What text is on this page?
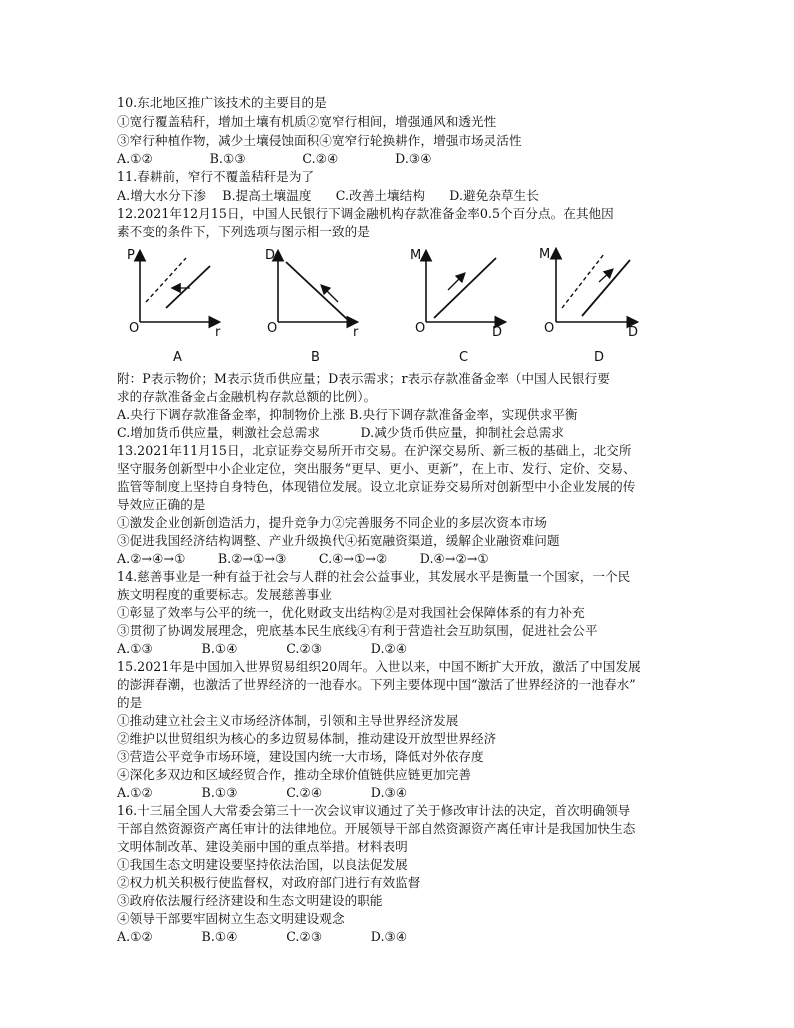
10.东北地区推广该技术的主要目的是
①宽行覆盖秸秆，增加土壤有机质②宽窄行相间，增强通风和透光性
③窄行种植作物，减少土壤侵蚀面积④宽窄行轮换耕作，增强市场灵活性
A.①②              B.①③              C.②④              D.③④
11.春耕前，窄行不覆盖秸秆是为了
A.增大水分下渗    B.提高土壤温度      C.改善土壤结构      D.避免杂草生长
12.2021年12月15日，中国人民银行下调金融机构存款准备金率0.5个百分点。在其他因
素不变的条件下，下列选项与图示相一致的是
P
O	r
A
D
O	r
B
M
O	D
C
M
O	D
D
附：P表示物价；M表示货币供应量；D表示需求；r表示存款准备金率（中国人民银行要
求的存款准备金占金融机构存款总额的比例）。
A.央行下调存款准备金率，抑制物价上涨 B.央行下调存款准备金率，实现供求平衡
C.增加货币供应量，刺激社会总需求          D.减少货币供应量，抑制社会总需求
13.2021年11月15日，北京证券交易所开市交易。在沪深交易所、新三板的基础上，北交所
坚守服务创新型中小企业定位，突出服务“更早、更小、更新”，在上市、发行、定价、交易、
监管等制度上坚持自身特色，体现错位发展。设立北京证券交易所对创新型中小企业发展的传
导效应正确的是
①激发企业创新创造活力，提升竞争力②完善服务不同企业的多层次资本市场
③促进我国经济结构调整、产业升级换代④拓宽融资渠道，缓解企业融资难问题
A.②→④→①        B.②→①→③        C.④→①→②        D.④→②→①
14.慈善事业是一种有益于社会与人群的社会公益事业，其发展水平是衡量一个国家，一个民
族文明程度的重要标志。发展慈善事业
①彰显了效率与公平的统一，优化财政支出结构②是对我国社会保障体系的有力补充
③贯彻了协调发展理念，兜底基本民生底线④有利于营造社会互助氛围，促进社会公平
A.①③            B.①④            C.②③            D.②④
15.2021年是中国加入世界贸易组织20周年。入世以来，中国不断扩大开放，激活了中国发展
的澎湃春潮，也激活了世界经济的一池春水。下列主要体现中国“激活了世界经济的一池春水”
的是
①推动建立社会主义市场经济体制，引领和主导世界经济发展
②维护以世贸组织为核心的多边贸易体制，推动建设开放型世界经济
③营造公平竞争市场环境，建设国内统一大市场，降低对外依存度
④深化多双边和区域经贸合作，推动全球价值链供应链更加完善
A.①②            B.①③            C.②④            D.③④
16.十三届全国人大常委会第三十一次会议审议通过了关于修改审计法的决定，首次明确领导
干部自然资源资产离任审计的法律地位。开展领导干部自然资源资产离任审计是我国加快生态
文明体制改革、建设美丽中国的重点举措。材料表明
①我国生态文明建设要坚持依法治国，以良法促发展
②权力机关积极行使监督权，对政府部门进行有效监督
③政府依法履行经济建设和生态文明建设的职能
④领导干部要牢固树立生态文明建设观念
A.①②            B.①④            C.②③            D.③④
